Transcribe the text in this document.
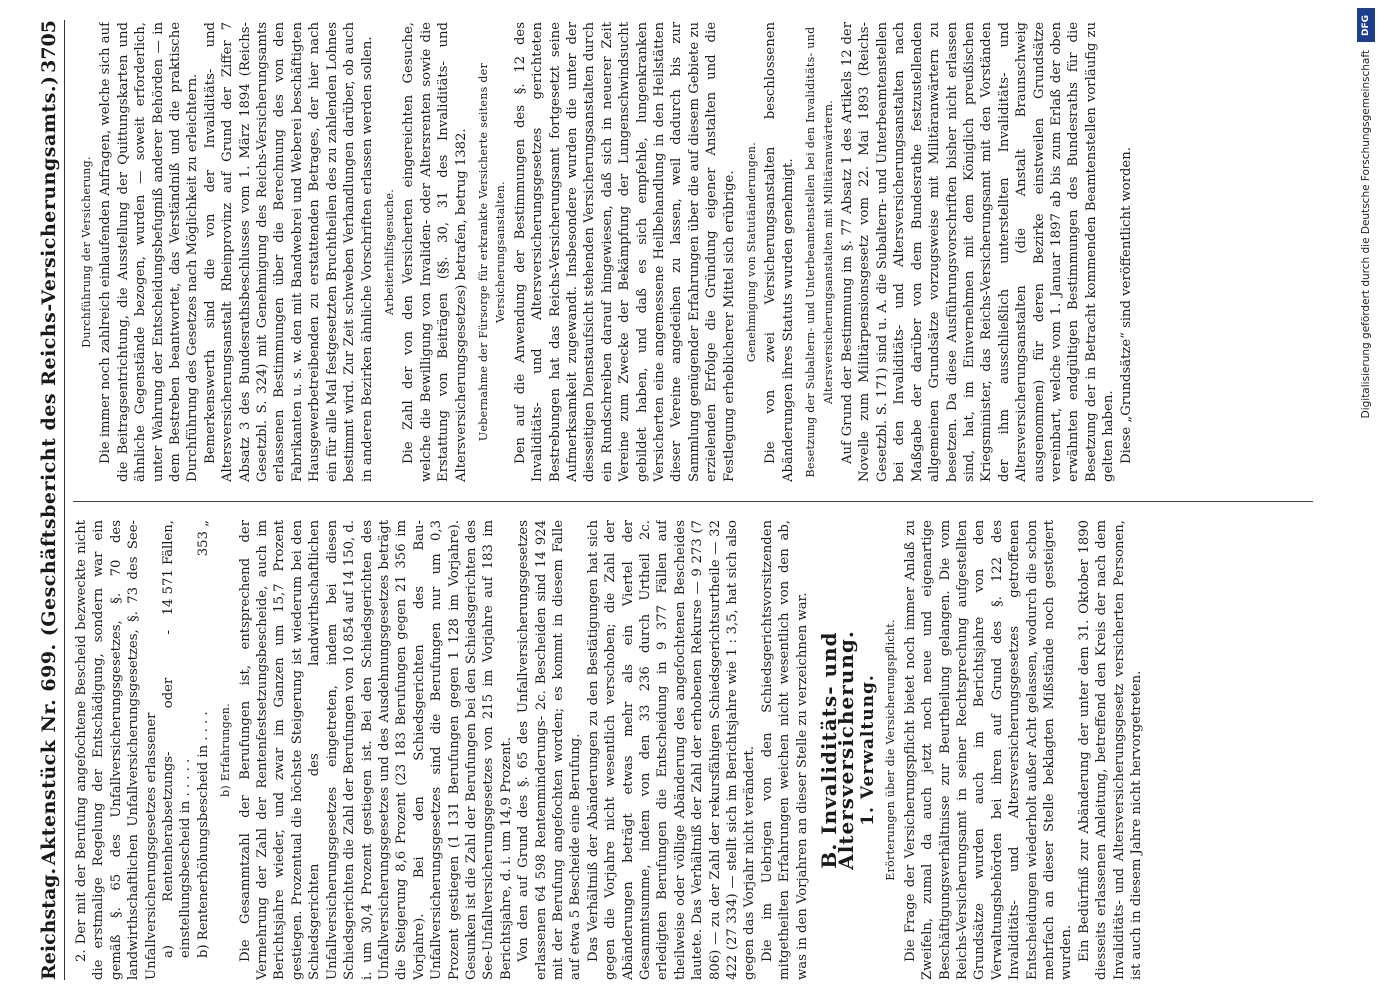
Reichstag.
Aktenstück Nr. 699. (Geschäftsbericht des Reichs-Versicherungsamts.)
3705

2. Der mit der Berufung angefochtene Bescheid bezweckte nicht die erstmalige Regelung der Entschädigung, sondern war ein gemäß §. 65 des Unfallversicherungsgesetzes, §. 70 des landwirthschaftlichen Unfallversicherungsgesetzes, §. 73 des See-Unfallversicherungsgesetzes erlassener a) Rentenherabsetzungs- oder -einstellungsbescheid in . . . . .
14 571 Fällen,
b) Rentenerhöhungsbescheid in . . . .
353 „
b) Erfahrungen. Die Gesammtzahl der Berufungen ist, entsprechend der Vermehrung der Zahl der Rentenfestsetzungsbescheide, auch im Berichtsjahre wieder, und zwar im Ganzen um 15,7 Prozent gestiegen. Prozentual die höchste Steigerung ist wiederum bei den Schiedsgerichten des landwirthschaftlichen Unfallversicherungsgesetzes eingetreten, indem bei diesen Schiedsgerichten die Zahl der Berufungen von 10 854 auf 14 150, d. i. um 30,4 Prozent gestiegen ist. Bei den Schiedsgerichten des Unfallversicherungsgesetzes und des Ausdehnungsgesetzes beträgt die Steigerung 8,6 Prozent (23 183 Berufungen gegen 21 356 im Vorjahre). Bei den Schiedsgerichten des Bau-Unfallversicherungsgesetzes sind die Berufungen nur um 0,3 Prozent gestiegen (1 131 Berufungen gegen 1 128 im Vorjahre). Gesunken ist die Zahl der Berufungen bei den Schiedsgerichten des See-Unfallversicherungsgesetzes von 215 im Vorjahre auf 183 im Berichtsjahre, d. i. um 14,9 Prozent. Von den auf Grund des §. 65 des Unfallversicherungsgesetzes erlassenen 64 598 Rentenminderungs- 2c. Bescheiden sind 14 924 mit der Berufung angefochten worden; es kommt in diesem Falle auf etwa 5 Bescheide eine Berufung. Das Verhältniß der Abänderungen zu den Bestätigungen hat sich gegen die Vorjahre nicht wesentlich verschoben; die Zahl der Abänderungen beträgt etwas mehr als ein Viertel der Gesammtsumme, indem von den 33 236 durch Urtheil 2c. erledigten Berufungen die Entscheidung in 9 377 Fällen auf theilweise oder völlige Abänderung des angefochtenen Bescheides lautete. Das Verhältniß der Zahl der erhobenen Rekurse — 9 273 (7 806) — zu der Zahl der rekursfähigen Schiedsgerichtsurtheile — 32 422 (27 334) — stellt sich im Berichtsjahre wie 1 : 3,5, hat sich also gegen das Vorjahr nicht verändert. Die im Uebrigen von den Schiedsgerichtsvorsitzenden mitgetheilten Erfahrungen weichen nicht wesentlich von den ab, was in den Vorjahren an dieser Stelle zu verzeichnen war. B. Invaliditäts- und Altersversicherung. 1. Verwaltung. Erörterungen über die Versicherungspflicht. Die Frage der Versicherungspflicht bietet noch immer Anlaß zu Zweifeln, zumal da auch jetzt noch neue und eigenartige Beschäftigungsverhältnisse zur Beurtheilung gelangen. Die vom Reichs-Versicherungsamt in seiner Rechtsprechung aufgestellten Grundsätze wurden auch im Berichtsjahre von den Verwaltungsbehörden bei ihren auf Grund des §. 122 des Invaliditäts- und Altersversicherungsgesetzes getroffenen Entscheidungen wiederholt außer Acht gelassen, wodurch die schon mehrfach an dieser Stelle beklagten Mißstände noch gesteigert wurden. Ein Bedürfniß zur Abänderung der unter dem 31. Oktober 1890 diesseits erlassenen Anleitung, betreffend den Kreis der nach dem Invaliditäts- und Altersversicherungsgesetz versicherten Personen, ist auch in diesem Jahre nicht hervorgetreten.

Durchführung der Versicherung. Die immer noch zahlreich einlaufenden Anfragen, welche sich auf die Beitragsentrichtung, die Ausstellung der Quittungskarten und ähnliche Gegenstände bezogen, wurden — soweit erforderlich, unter Wahrung der Entscheidungsbefugniß anderer Behörden — in dem Bestreben beantwortet, das Verständniß und die praktische Durchführung des Gesetzes nach Möglichkeit zu erleichtern. Bemerkenswerth sind die von der Invaliditäts- und Altersversicherungsanstalt Rheinprovinz auf Grund der Ziffer 7 Absatz 3 des Bundesrathsbeschlusses vom 1. März 1894 (Reichs-Gesetzbl. S. 324) mit Genehmigung des Reichs-Versicherungsamts erlassenen Bestimmungen über die Berechnung des von den Fabrikanten u. s. w. den mit Bandwebrei und Weberei beschäftigten Hausgewerbetreibenden zu erstattenden Betrages, der hier nach ein für alle Mal festgesetzten Bruchtheilen des zu zahlenden Lohnes bestimmt wird. Zur Zeit schweben Verhandlungen darüber, ob auch in anderen Bezirken ähnliche Vorschriften erlassen werden sollen. Arbeiterhilfsgesuche. Die Zahl der von den Versicherten eingereichten Gesuche, welche die Bewilligung von Invaliden- oder Altersrenten sowie die Erstattung von Beiträgen (§§. 30, 31 des Invaliditäts- und Altersversicherungsgesetzes) betrafen, betrug 1382. Uebernahme der Fürsorge für erkrankte Versicherte seitens der Versicherungsanstalten. Den auf die Anwendung der Bestimmungen des §. 12 des Invaliditäts- und Altersversicherungsgesetzes gerichteten Bestrebungen hat das Reichs-Versicherungsamt fortgesetzt seine Aufmerksamkeit zugewandt. Insbesondere wurden die unter der diesseitigen Dienstaufsicht stehenden Versicherungsanstalten durch ein Rundschreiben darauf hingewiesen, daß sich in neuerer Zeit Vereine zum Zwecke der Bekämpfung der Lungenschwindsucht gebildet haben, und daß es sich empfehle, lungenkranken Versicherten eine angemessene Heilbehandlung in den Heilstätten dieser Vereine angedeihen zu lassen, weil dadurch bis zur Sammlung genügender Erfahrungen über die auf diesem Gebiete zu erzielenden Erfolge die Gründung eigener Anstalten und die Festlegung erheblicherer Mittel sich erübrige. Genehmigung von Statutänderungen. Die von zwei Versicherungsanstalten beschlossenen Abänderungen ihres Statuts wurden genehmigt. Besetzung der Subaltern- und Unterbeamtenstellen bei den Invaliditäts- und Altersversicherungsanstalten mit Militäranwärtern. Auf Grund der Bestimmung im §. 77 Absatz 1 des Artikels 12 der Novelle zum Militärpensionsgesetz vom 22. Mai 1893 (Reichs-Gesetzbl. S. 171) sind u. A. die Subaltern- und Unterbeamtenstellen bei den Invaliditäts- und Altersversicherungsanstalten nach Maßgabe der darüber von dem Bundesrathe festzustellenden allgemeinen Grundsätze vorzugsweise mit Militäranwärtern zu besetzen. Da diese Ausführungsvorschriften bisher nicht erlassen sind, hat, im Einvernehmen mit dem Königlich preußischen Kriegsminister, das Reichs-Versicherungsamt mit den Vorständen der ihm ausschließlich unterstellten Invaliditäts- und Altersversicherungsanstalten (die Anstalt Braunschweig ausgenommen) für deren Bezirke einstweilen Grundsätze vereinbart, welche vom 1. Januar 1897 ab bis zum Erlaß der oben erwähnten endgültigen Bestimmungen des Bundesraths für die Besetzung der in Betracht kommenden Beamtenstellen vorläufig zu gelten haben. Diese „Grundsätze“ sind veröffentlicht worden.

DFG
Digitalisierung gefördert durch die Deutsche Forschungsgemeinschaft
